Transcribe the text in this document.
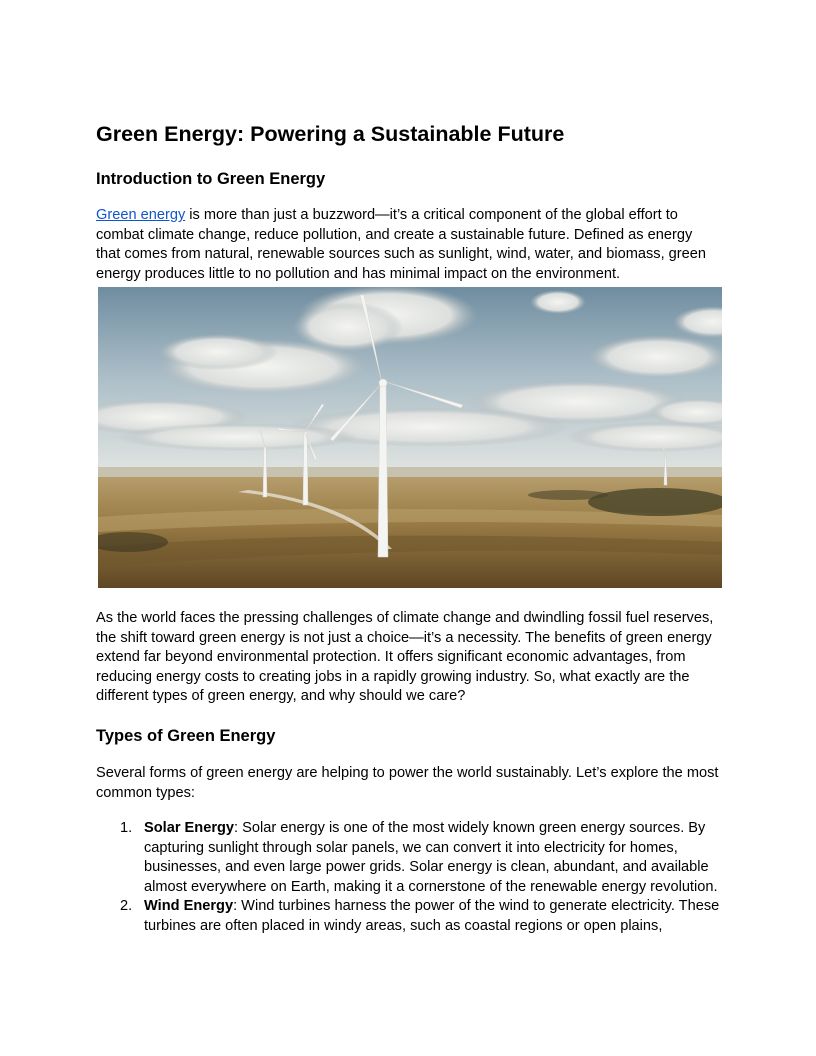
Green Energy: Powering a Sustainable Future
Introduction to Green Energy

Green energy is more than just a buzzword—it’s a critical component of the global effort to combat climate change, reduce pollution, and create a sustainable future. Defined as energy that comes from natural, renewable sources such as sunlight, wind, water, and biomass, green energy produces little to no pollution and has minimal impact on the environment.

As the world faces the pressing challenges of climate change and dwindling fossil fuel reserves, the shift toward green energy is not just a choice—it’s a necessity. The benefits of green energy extend far beyond environmental protection. It offers significant economic advantages, from reducing energy costs to creating jobs in a rapidly growing industry. So, what exactly are the different types of green energy, and why should we care?

Types of Green Energy

Several forms of green energy are helping to power the world sustainably. Let’s explore the most common types:

1. Solar Energy: Solar energy is one of the most widely known green energy sources. By capturing sunlight through solar panels, we can convert it into electricity for homes, businesses, and even large power grids. Solar energy is clean, abundant, and available almost everywhere on Earth, making it a cornerstone of the renewable energy revolution.
2. Wind Energy: Wind turbines harness the power of the wind to generate electricity. These turbines are often placed in windy areas, such as coastal regions or open plains,
